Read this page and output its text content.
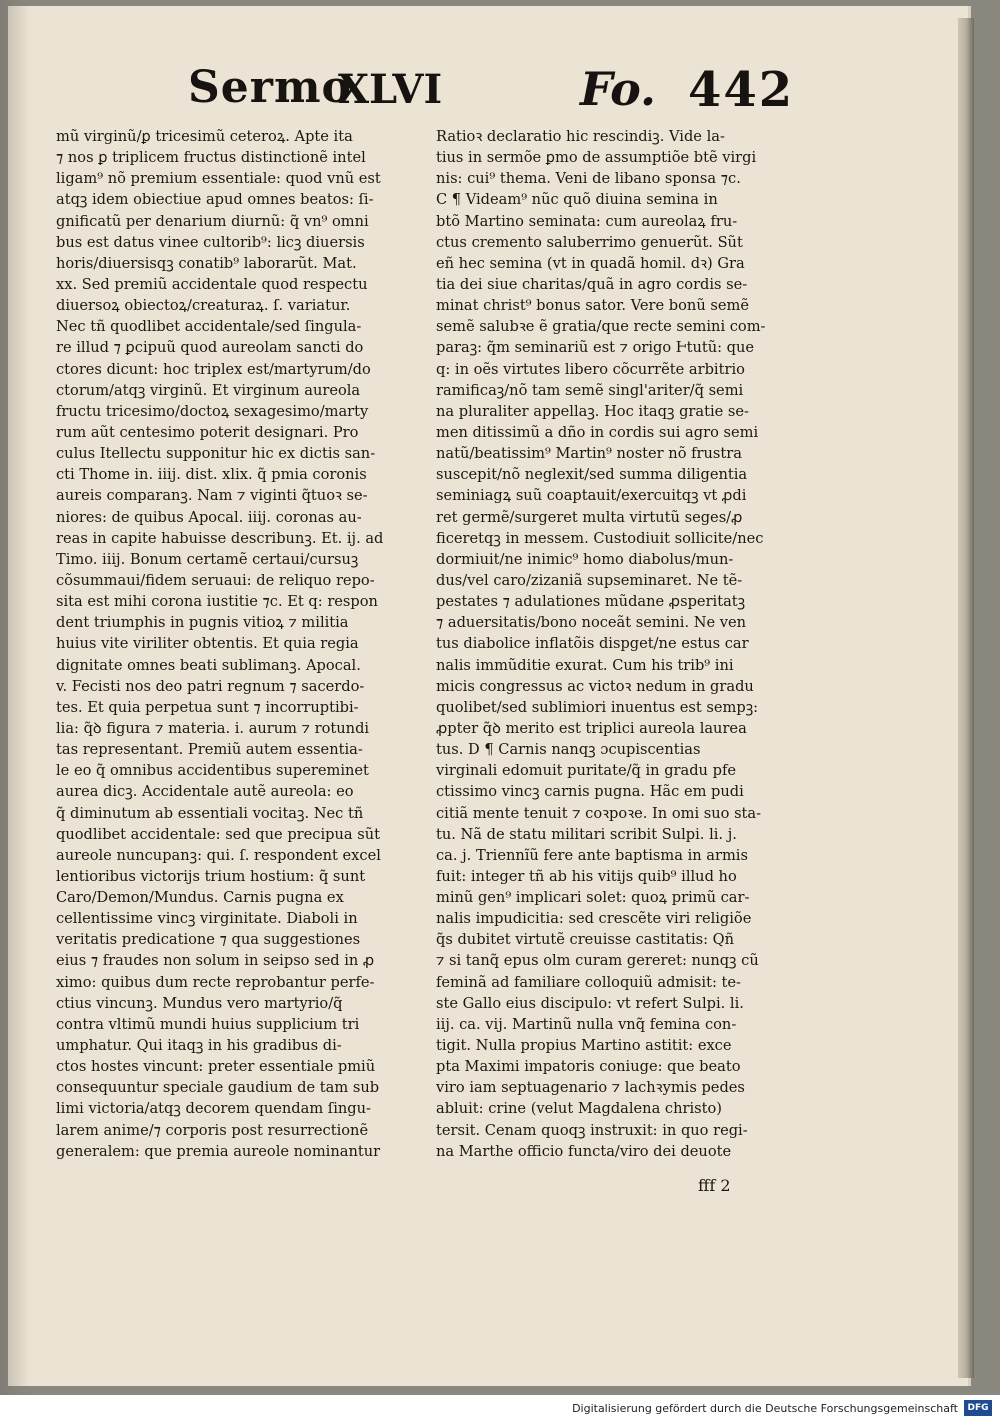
Sermo
XLVI	Fo. 442
mũ virginũ/ꝑ tricesimũ ceteroꝝ. Apte ita
⁊ nos ꝑ triplicem fructus distinctionẽ intel
ligam⁹ nõ premium essentiale: quod vnũ est
atqꝫ idem obiectiue apud omnes beatos: ſi-
gnificatũ per denarium diurnũ: q̃ vn⁹ omni
bus est datus vinee cultorib⁹: licꝫ diuersis
horis/diuersisqꝫ conatib⁹ laborarũt. Mat.
xx. Sed premiũ accidentale quod respectu
diuersoꝝ obiectoꝝ/creaturaꝝ. ſ. variatur.
Nec tñ quodlibet accidentale/sed ſingula-
re illud ⁊ ꝑcipuũ quod aureolam sancti do
ctores dicunt: hoc triplex est/martyrum/do
ctorum/atqꝫ virginũ. Et virginum aureola
fructu tricesimo/doctoꝝ sexagesimo/marty
rum aũt centesimo poterit designari. Pro
culus Itellectu supponitur hic ex dictis san-
cti Thome in. iiij. dist. xlix. q̃ pmia coronis
aureis comparanꝫ. Nam ⁊ viginti q̃tuoꝛ se-
niores: de quibus Apocal. iiij. coronas au-
reas in capite habuisse describunꝫ. Et. ij. ad
Timo. iiij. Bonum certamẽ certaui/cursuꝫ
cõsummaui/fidem seruaui: de reliquo repo-
sita est mihi corona iustitie ⁊c. Et q: respon
dent triumphis in pugnis vitioꝝ ⁊ militia
huius vite viriliter obtentis. Et quia regia
dignitate omnes beati sublimanꝫ. Apocal.
v. Fecisti nos deo patri regnum ⁊ sacerdo-
tes. Et quia perpetua sunt ⁊ incorruptibi-
lia: q̃ꝺ figura ⁊ materia. i. aurum ⁊ rotundi
tas representant. Premiũ autem essentia-
le eo q̃ omnibus accidentibus supereminet
aurea dicꝫ. Accidentale autẽ aureola: eo
q̃ diminutum ab essentiali vocitaꝫ. Nec tñ
quodlibet accidentale: sed que precipua sũt
aureole nuncupanꝫ: qui. ſ. respondent excel
lentioribus victorijs trium hostium: q̃ sunt
Caro/Demon/Mundus. Carnis pugna ex
cellentissime vincꝫ virginitate. Diaboli in
veritatis predicatione ⁊ qua suggestiones
eius ⁊ fraudes non solum in seipso sed in ꝓ
ximo: quibus dum recte reprobantur perfe-
ctius vincunꝫ. Mundus vero martyrio/q̃
contra vltimũ mundi huius supplicium tri
umphatur. Qui itaqꝫ in his gradibus di-
ctos hostes vincunt: preter essentiale pmiũ
consequuntur speciale gaudium de tam sub
limi victoria/atqꝫ decorem quendam ſingu-
larem anime/⁊ corporis post resurrectionẽ
generalem: que premia aureole nominantur
Ratioꝛ declaratio hic rescindiꝫ. Vide la-
tius in sermõe ꝑmo de assumptiõe btẽ virgi
nis: cui⁹ thema. Veni de libano sponsa ⁊c.
C ¶ Videam⁹ nũc quõ diuina semina in
btõ Martino seminata: cum aureolaꝝ fru-
ctus cremento saluberrimo genuerũt. Sũt
eñ hec semina (vt in quadã homil. dꝛ) Gra
tia dei siue charitas/quã in agro cordis se-
minat christ⁹ bonus sator. Vere bonũ semẽ
semẽ salubꝛe ẽ gratia/que recte semini com-
paraꝫ: q̃m seminariũ est ⁊ origo Ⱶtutũ: que
q: in oẽs virtutes libero cõcurrẽte arbitrio
ramificaꝫ/nõ tam semẽ singl'ariter/q̃ semi
na pluraliter appellaꝫ. Hoc itaqꝫ gratie se-
men ditissimũ a dño in cordis sui agro semi
natũ/beatissim⁹ Martin⁹ noster nõ frustra
suscepit/nõ neglexit/sed summa diligentia
seminiagꝝ suũ coaptauit/exercuitqꝫ vt ꝓdi
ret germẽ/surgeret multa virtutũ seges/ꝓ
ficeretqꝫ in messem. Custodiuit sollicite/nec
dormiuit/ne inimic⁹ homo diabolus/mun-
dus/vel caro/zizaniã supseminaret. Ne tẽ-
pestates ⁊ adulationes mũdane ꝓsperitatꝫ
⁊ aduersitatis/bono noceãt semini. Ne ven
tus diabolice inflatõis dispget/ne estus car
nalis immũditie exurat. Cum his trib⁹ ini
micis congressus ac victoꝛ nedum in gradu
quolibet/sed sublimiori inuentus est sempꝫ:
ꝓpter q̃ꝺ merito est triplici aureola laurea
tus. D ¶ Carnis nanqꝫ ɔcupiscentias
virginali edomuit puritate/q̃ in gradu pfe
ctissimo vincꝫ carnis pugna. Hãc em pudi
citiã mente tenuit ⁊ coꝛpoꝛe. In omi suo sta-
tu. Nã de statu militari scribit Sulpi. li. j.
ca. j. Triennĩũ fere ante baptisma in armis
fuit: integer tñ ab his vitijs quib⁹ illud ho
minũ gen⁹ implicari solet: quoꝝ primũ car-
nalis impudicitia: sed crescẽte viri religiõe
q̃s dubitet virtutẽ creuisse castitatis: Qñ
⁊ si tanq̃ epus olm curam gereret: nunqꝫ cũ
feminã ad familiare colloquiũ admisit: te-
ste Gallo eius discipulo: vt refert Sulpi. li.
iij. ca. vij. Martinũ nulla vnq̃ femina con-
tigit. Nulla propius Martino astitit: exce
pta Maximi impatoris coniuge: que beato
viro iam septuagenario ⁊ lachꝛymis pedes
abluit: crine (velut Magdalena christo)
tersit. Cenam quoqꝫ instruxit: in quo regi-
na Marthe officio functa/viro dei deuote
fff 2
Digitalisierung gefördert durch die Deutsche Forschungsgemeinschaft	DFG
